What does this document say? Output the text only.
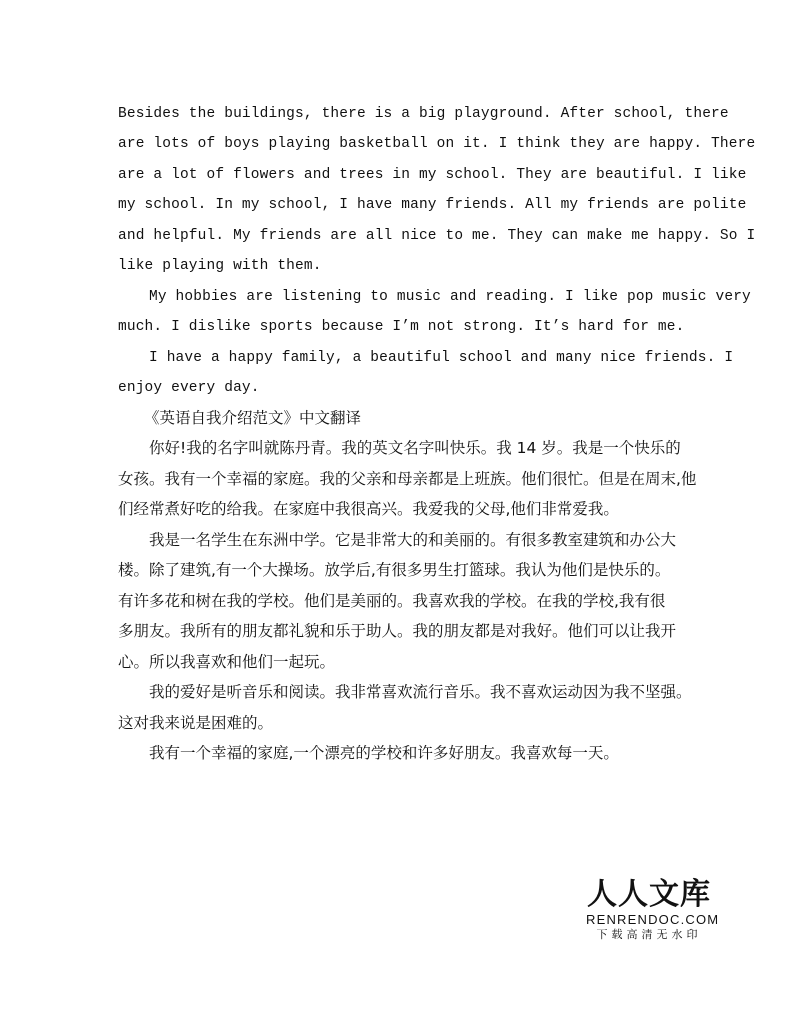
Besides the buildings, there is a big playground. After school, there
are lots of boys playing basketball on it. I think they are happy. There
are a lot of flowers and trees in my school. They are beautiful. I like
my school. In my school, I have many friends. All my friends are polite
and helpful. My friends are all nice to me. They can make me happy. So I
like playing with them.
My hobbies are listening to music and reading. I like pop music very
much. I dislike sports because I’m not strong. It’s hard for me.
I have a happy family, a beautiful school and many nice friends. I
enjoy every day.
《英语自我介绍范文》中文翻译
你好!我的名字叫就陈丹青。我的英文名字叫快乐。我 14 岁。我是一个快乐的
女孩。我有一个幸福的家庭。我的父亲和母亲都是上班族。他们很忙。但是在周末,他
们经常煮好吃的给我。在家庭中我很高兴。我爱我的父母,他们非常爱我。
我是一名学生在东洲中学。它是非常大的和美丽的。有很多教室建筑和办公大
楼。除了建筑,有一个大操场。放学后,有很多男生打篮球。我认为他们是快乐的。
有许多花和树在我的学校。他们是美丽的。我喜欢我的学校。在我的学校,我有很
多朋友。我所有的朋友都礼貌和乐于助人。我的朋友都是对我好。他们可以让我开
心。所以我喜欢和他们一起玩。
我的爱好是听音乐和阅读。我非常喜欢流行音乐。我不喜欢运动因为我不坚强。
这对我来说是困难的。
我有一个幸福的家庭,一个漂亮的学校和许多好朋友。我喜欢每一天。
人人文库
RENRENDOC.COM
下载高清无水印
